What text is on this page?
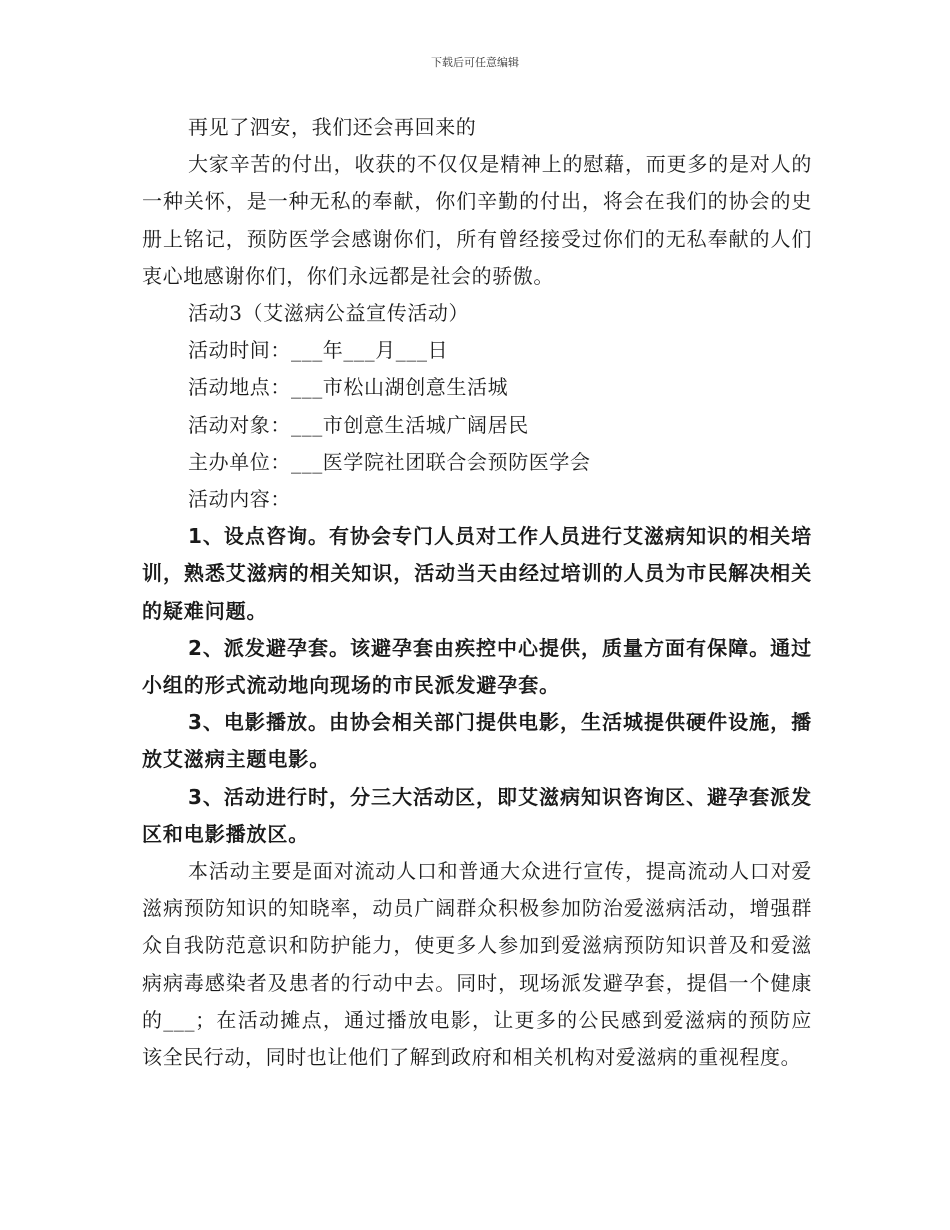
下载后可任意编辑

再见了泗安，我们还会再回来的

大家辛苦的付出，收获的不仅仅是精神上的慰藉，而更多的是对人的一种关怀，是一种无私的奉献，你们辛勤的付出，将会在我们的协会的史册上铭记，预防医学会感谢你们，所有曾经接受过你们的无私奉献的人们衷心地感谢你们，你们永远都是社会的骄傲。

活动3（艾滋病公益宣传活动）

活动时间：___年___月___日

活动地点：___市松山湖创意生活城

活动对象：___市创意生活城广阔居民

主办单位：___医学院社团联合会预防医学会

活动内容：

1、设点咨询。有协会专门人员对工作人员进行艾滋病知识的相关培训，熟悉艾滋病的相关知识，活动当天由经过培训的人员为市民解决相关的疑难问题。

2、派发避孕套。该避孕套由疾控中心提供，质量方面有保障。通过小组的形式流动地向现场的市民派发避孕套。

3、电影播放。由协会相关部门提供电影，生活城提供硬件设施，播放艾滋病主题电影。

3、活动进行时，分三大活动区，即艾滋病知识咨询区、避孕套派发区和电影播放区。

本活动主要是面对流动人口和普通大众进行宣传，提高流动人口对爱滋病预防知识的知晓率，动员广阔群众积极参加防治爱滋病活动，增强群众自我防范意识和防护能力，使更多人参加到爱滋病预防知识普及和爱滋病病毒感染者及患者的行动中去。同时，现场派发避孕套，提倡一个健康的___；在活动摊点，通过播放电影，让更多的公民感到爱滋病的预防应该全民行动，同时也让他们了解到政府和相关机构对爱滋病的重视程度。
